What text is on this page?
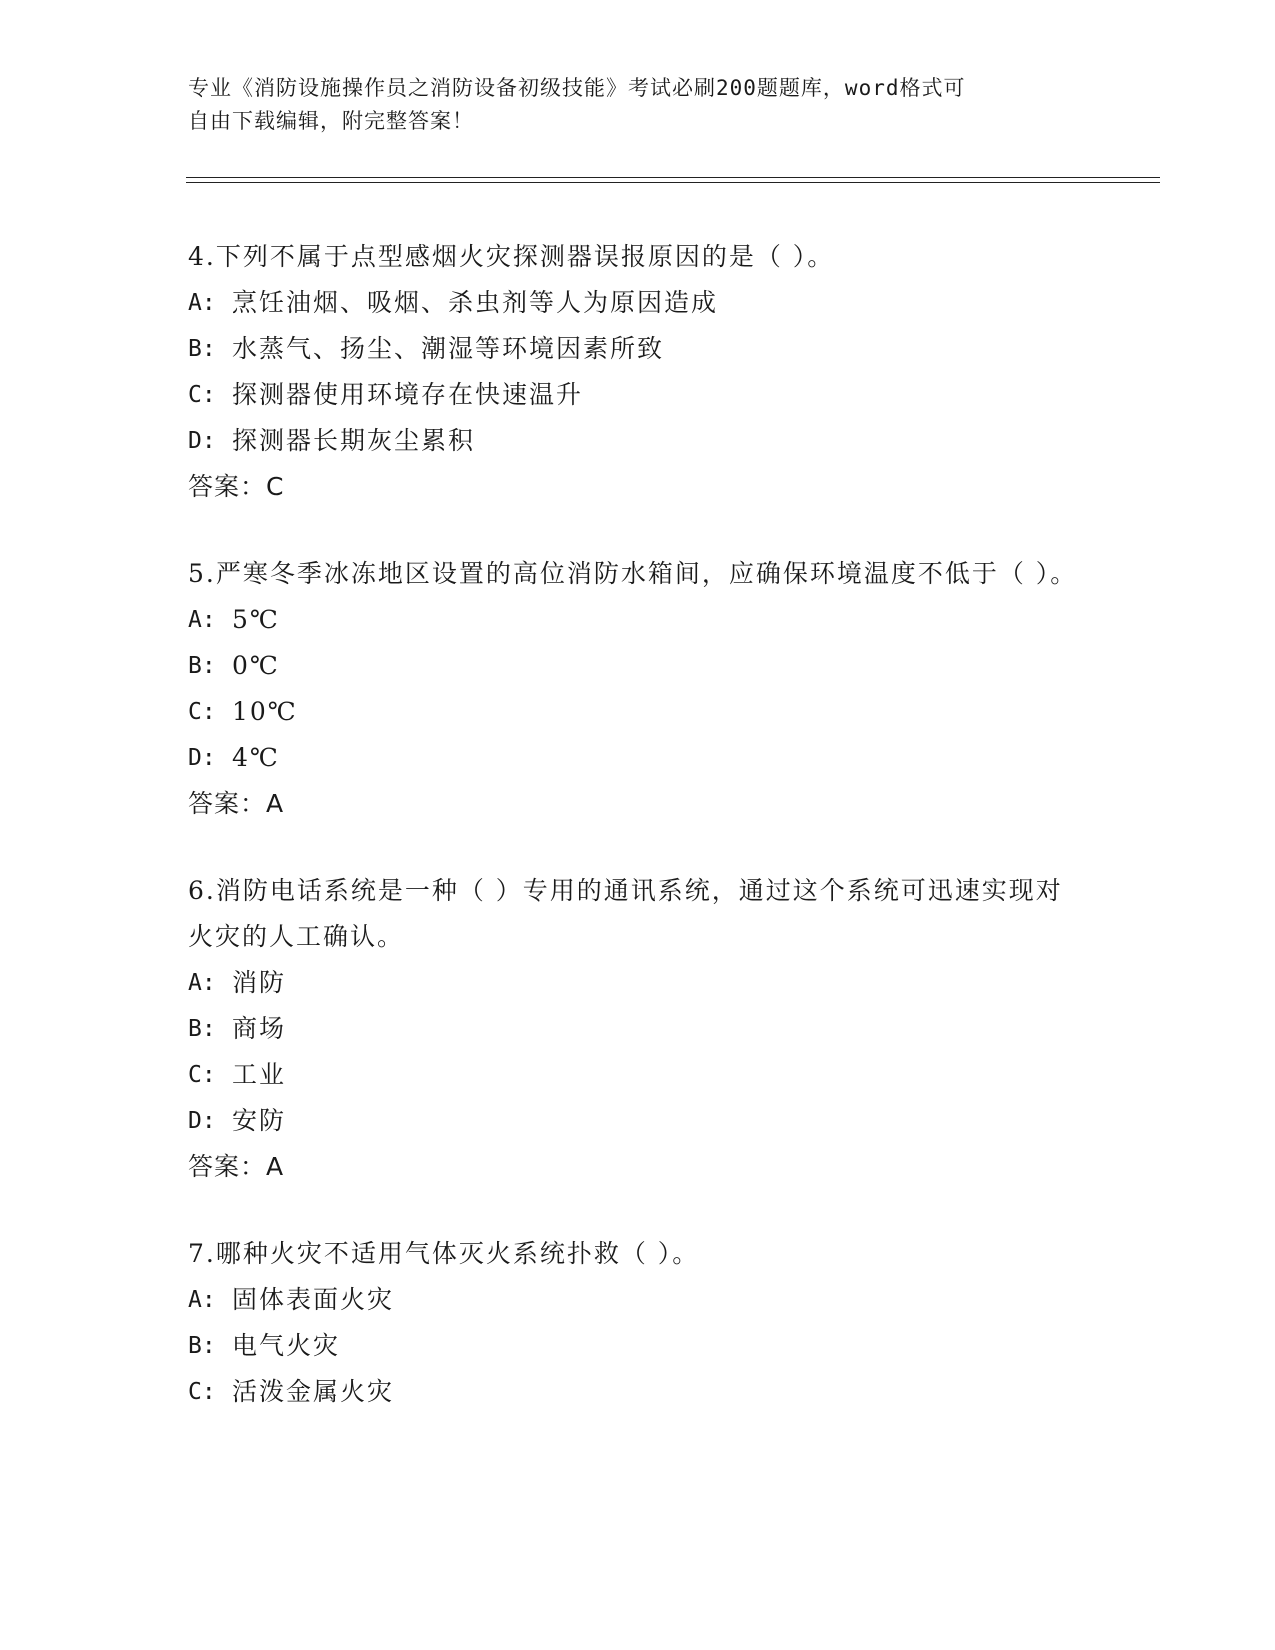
专业《消防设施操作员之消防设备初级技能》考试必刷200题题库，word格式可
自由下载编辑，附完整答案！

4.下列不属于点型感烟火灾探测器误报原因的是（ ）。

A: 烹饪油烟、吸烟、杀虫剂等人为原因造成
B: 水蒸气、扬尘、潮湿等环境因素所致
C: 探测器使用环境存在快速温升
D: 探测器长期灰尘累积

答案：C

5.严寒冬季冰冻地区设置的高位消防水箱间，应确保环境温度不低于（ ）。

A: 5℃
B: 0℃
C: 10℃
D: 4℃

答案：A

6.消防电话系统是一种（ ）专用的通讯系统，通过这个系统可迅速实现对火灾的人工确认。

A: 消防
B: 商场
C: 工业
D: 安防

答案：A

7.哪种火灾不适用气体灭火系统扑救（ ）。

A: 固体表面火灾
B: 电气火灾
C: 活泼金属火灾
